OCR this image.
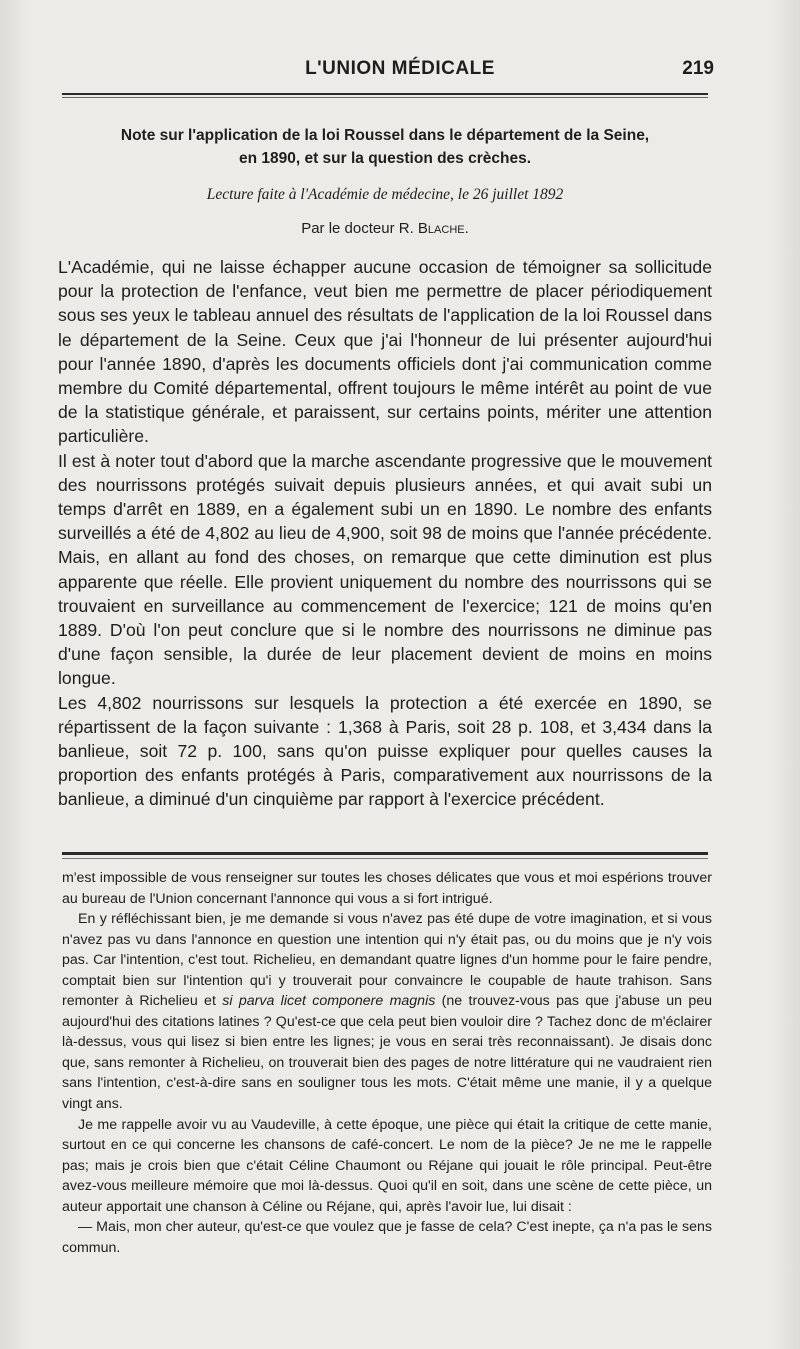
L'UNION MÉDICALE	219
Note sur l'application de la loi Roussel dans le département de la Seine,
en 1890, et sur la question des crèches.
Lecture faite à l'Académie de médecine, le 26 juillet 1892
Par le docteur R. Blache.

L'Académie, qui ne laisse échapper aucune occasion de témoigner sa sollicitude pour la protection de l'enfance, veut bien me permettre de placer périodiquement sous ses yeux le tableau annuel des résultats de l'application de la loi Roussel dans le département de la Seine. Ceux que j'ai l'honneur de lui présenter aujourd'hui pour l'année 1890, d'après les documents officiels dont j'ai communication comme membre du Comité départemental, offrent toujours le même intérêt au point de vue de la statistique générale, et paraissent, sur certains points, mériter une attention particulière.

Il est à noter tout d'abord que la marche ascendante progressive que le mouvement des nourrissons protégés suivait depuis plusieurs années, et qui avait subi un temps d'arrêt en 1889, en a également subi un en 1890. Le nombre des enfants surveillés a été de 4,802 au lieu de 4,900, soit 98 de moins que l'année précédente. Mais, en allant au fond des choses, on remarque que cette diminution est plus apparente que réelle. Elle provient uniquement du nombre des nourrissons qui se trouvaient en surveillance au commencement de l'exercice; 121 de moins qu'en 1889. D'où l'on peut conclure que si le nombre des nourrissons ne diminue pas d'une façon sensible, la durée de leur placement devient de moins en moins longue.

Les 4,802 nourrissons sur lesquels la protection a été exercée en 1890, se répartissent de la façon suivante : 1,368 à Paris, soit 28 p. 108, et 3,434 dans la banlieue, soit 72 p. 100, sans qu'on puisse expliquer pour quelles causes la proportion des enfants protégés à Paris, comparativement aux nourrissons de la banlieue, a diminué d'un cinquième par rapport à l'exercice précédent.

m'est impossible de vous renseigner sur toutes les choses délicates que vous et moi espérions trouver au bureau de l'Union concernant l'annonce qui vous a si fort intrigué.

En y réfléchissant bien, je me demande si vous n'avez pas été dupe de votre imagination, et si vous n'avez pas vu dans l'annonce en question une intention qui n'y était pas, ou du moins que je n'y vois pas. Car l'intention, c'est tout. Richelieu, en demandant quatre lignes d'un homme pour le faire pendre, comptait bien sur l'intention qu'i y trouverait pour convaincre le coupable de haute trahison. Sans remonter à Richelieu et si parva licet componere magnis (ne trouvez-vous pas que j'abuse un peu aujourd'hui des citations latines ? Qu'est-ce que cela peut bien vouloir dire ? Tachez donc de m'éclairer là-dessus, vous qui lisez si bien entre les lignes; je vous en serai très reconnaissant). Je disais donc que, sans remonter à Richelieu, on trouverait bien des pages de notre littérature qui ne vaudraient rien sans l'intention, c'est-à-dire sans en souligner tous les mots. C'était même une manie, il y a quelque vingt ans.

Je me rappelle avoir vu au Vaudeville, à cette époque, une pièce qui était la critique de cette manie, surtout en ce qui concerne les chansons de café-concert. Le nom de la pièce? Je ne me le rappelle pas; mais je crois bien que c'était Céline Chaumont ou Réjane qui jouait le rôle principal. Peut-être avez-vous meilleure mémoire que moi là-dessus. Quoi qu'il en soit, dans une scène de cette pièce, un auteur apportait une chanson à Céline ou Réjane, qui, après l'avoir lue, lui disait :

— Mais, mon cher auteur, qu'est-ce que voulez que je fasse de cela? C'est inepte, ça n'a pas le sens commun.
